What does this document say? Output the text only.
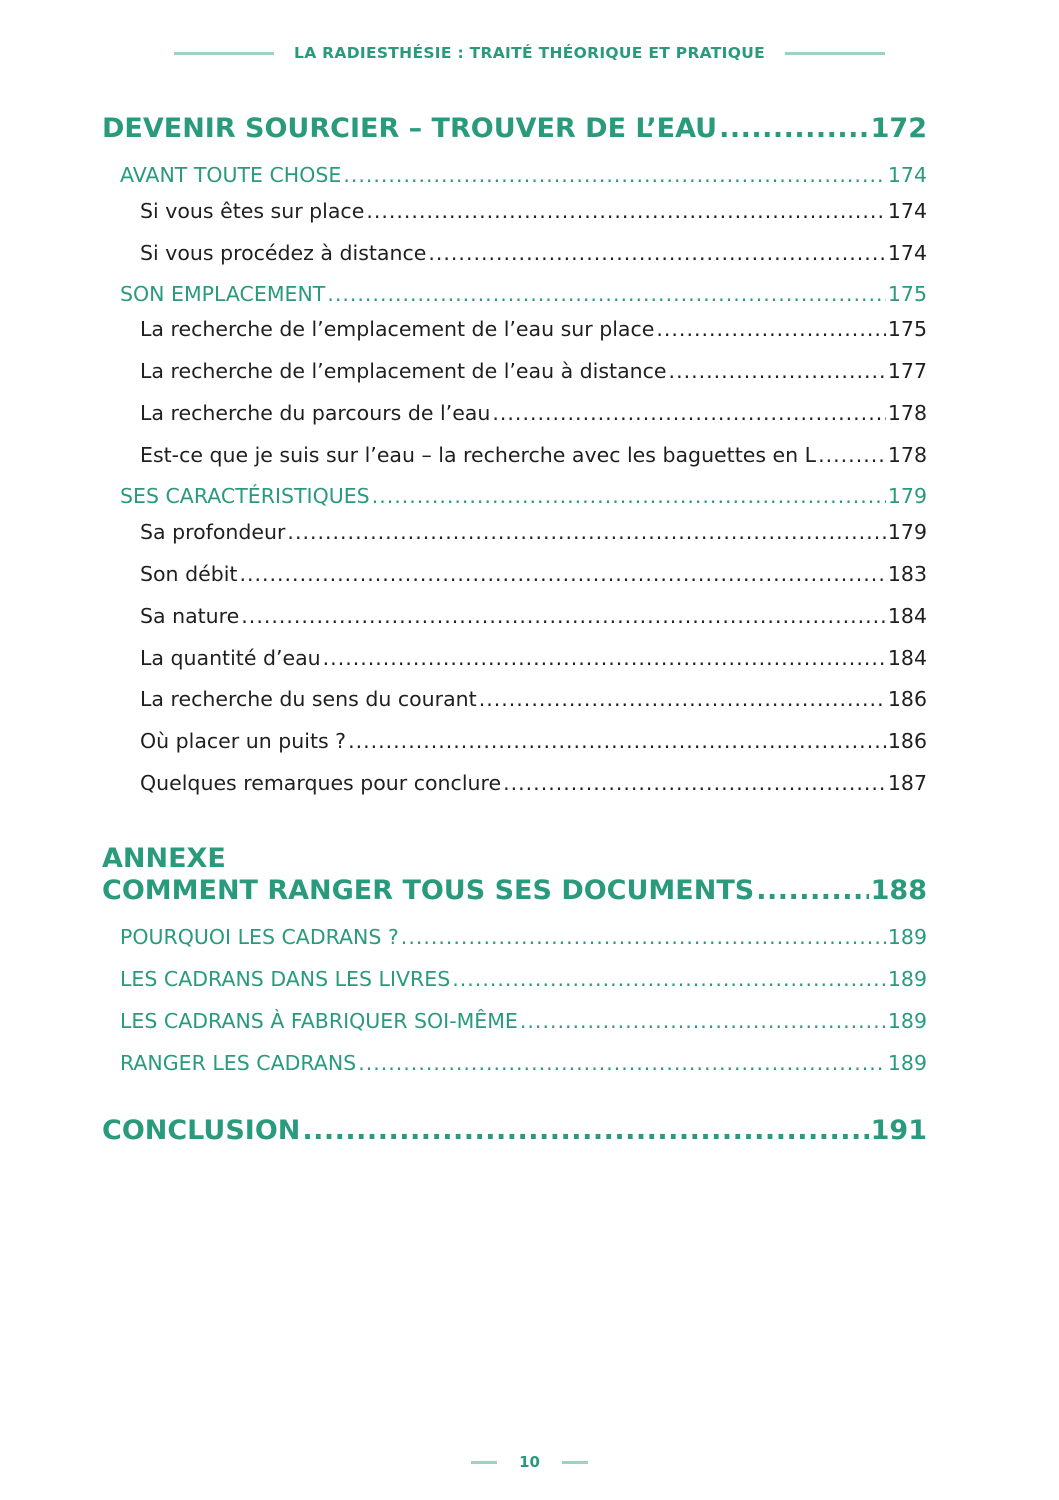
LA RADIESTHÉSIE : TRAITÉ THÉORIQUE ET PRATIQUE
DEVENIR SOURCIER – TROUVER DE L’EAU .....	172
AVANT TOUTE CHOSE .....	174
Si vous êtes sur place .....	174
Si vous procédez à distance .....	174
SON EMPLACEMENT .....	175
La recherche de l’emplacement de l’eau sur place .....	175
La recherche de l’emplacement de l’eau à distance .....	177
La recherche du parcours de l’eau .....	178
Est-ce que je suis sur l’eau – la recherche avec les baguettes en L .....	178
SES CARACTÉRISTIQUES .....	179
Sa profondeur .....	179
Son débit .....	183
Sa nature .....	184
La quantité d’eau .....	184
La recherche du sens du courant .....	186
Où placer un puits ? .....	186
Quelques remarques pour conclure .....	187
ANNEXE
COMMENT RANGER TOUS SES DOCUMENTS .....	188
POURQUOI LES CADRANS ? .....	189
LES CADRANS DANS LES LIVRES .....	189
LES CADRANS À FABRIQUER SOI-MÊME .....	189
RANGER LES CADRANS .....	189
CONCLUSION .....	191
10
